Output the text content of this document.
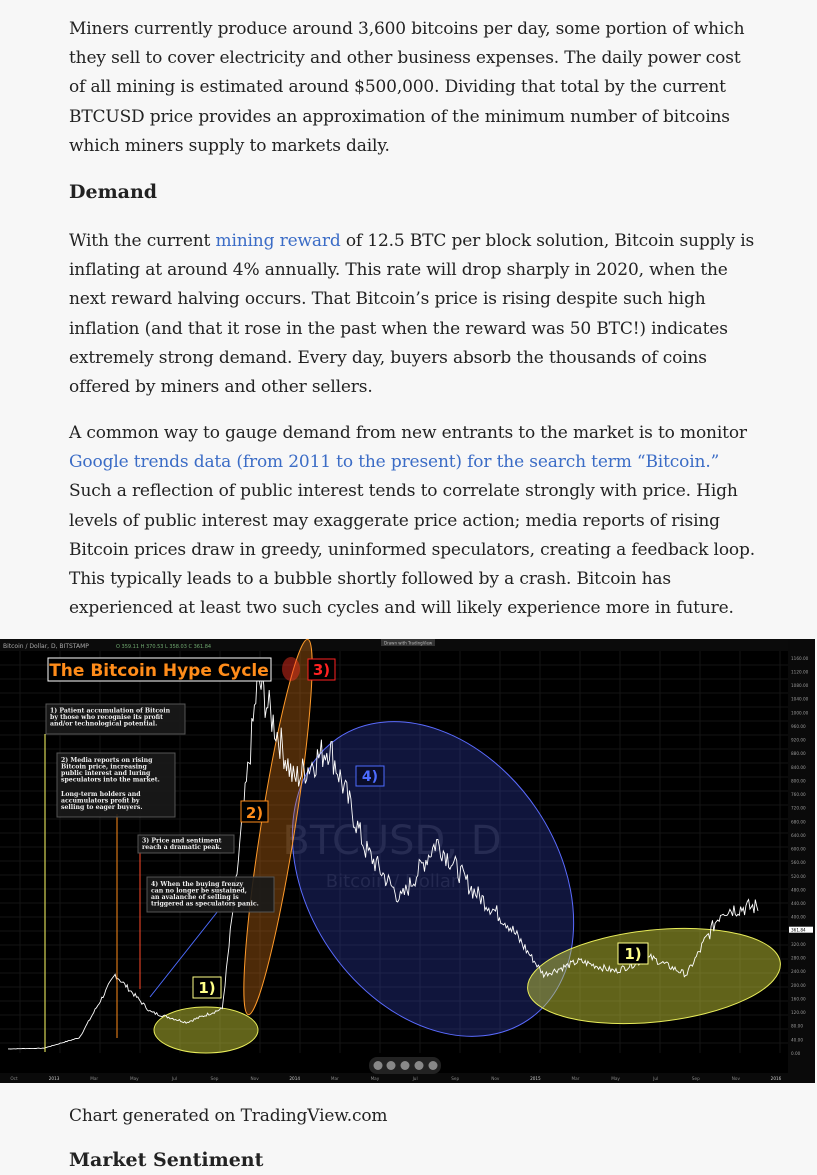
Miners currently produce around 3,600 bitcoins per day, some portion of which they sell to cover electricity and other business expenses. The daily power cost of all mining is estimated around $500,000. Dividing that total by the current BTCUSD price provides an approximation of the minimum number of bitcoins which miners supply to markets daily.

Demand

With the current mining reward of 12.5 BTC per block solution, Bitcoin supply is inflating at around 4% annually. This rate will drop sharply in 2020, when the next reward halving occurs. That Bitcoin’s price is rising despite such high inflation (and that it rose in the past when the reward was 50 BTC!) indicates extremely strong demand. Every day, buyers absorb the thousands of coins offered by miners and other sellers.

A common way to gauge demand from new entrants to the market is to monitor Google trends data (from 2011 to the present) for the search term “Bitcoin.” Such a reflection of public interest tends to correlate strongly with price. High levels of public interest may exaggerate price action; media reports of rising Bitcoin prices draw in greedy, uninformed speculators, creating a feedback loop. This typically leads to a bubble shortly followed by a crash. Bitcoin has experienced at least two such cycles and will likely experience more in future.

Bitcoin / Dollar, D, BITSTAMP	O 359.11 H 370.53 L 358.03 C 361.84
Drawn with TradingView
BTCUSD, D
Bitcoin / Dollar
The Bitcoin Hype Cycle
1) Patient accumulation of Bitcoin
by those who recognise its profit
and/or technological potential.
2) Media reports on rising
Bitcoin price, increasing
public interest and luring
speculators into the market.
Long-term holders and
accumulators profit by
selling to eager buyers.
3) Price and sentiment
reach a dramatic peak.
4) When the buying frenzy
can no longer be sustained,
an avalanche of selling is
triggered as speculators panic.
2)
3)
4)
1)
1)
1160.00
1120.00
1080.00
1040.00
1000.00
960.00
920.00
880.00
840.00
800.00
760.00
720.00
680.00
640.00
600.00
560.00
520.00
480.00
440.00
400.00
361.84
320.00
280.00
240.00
200.00
160.00
120.00
80.00
40.00
0.00
Oct	2013	Mar	May	Jul	Sep	Nov	2014	Mar	May	Jul	Sep	Nov	2015	Mar	May	Jul	Sep	Nov	2016

Chart generated on TradingView.com

Market Sentiment
